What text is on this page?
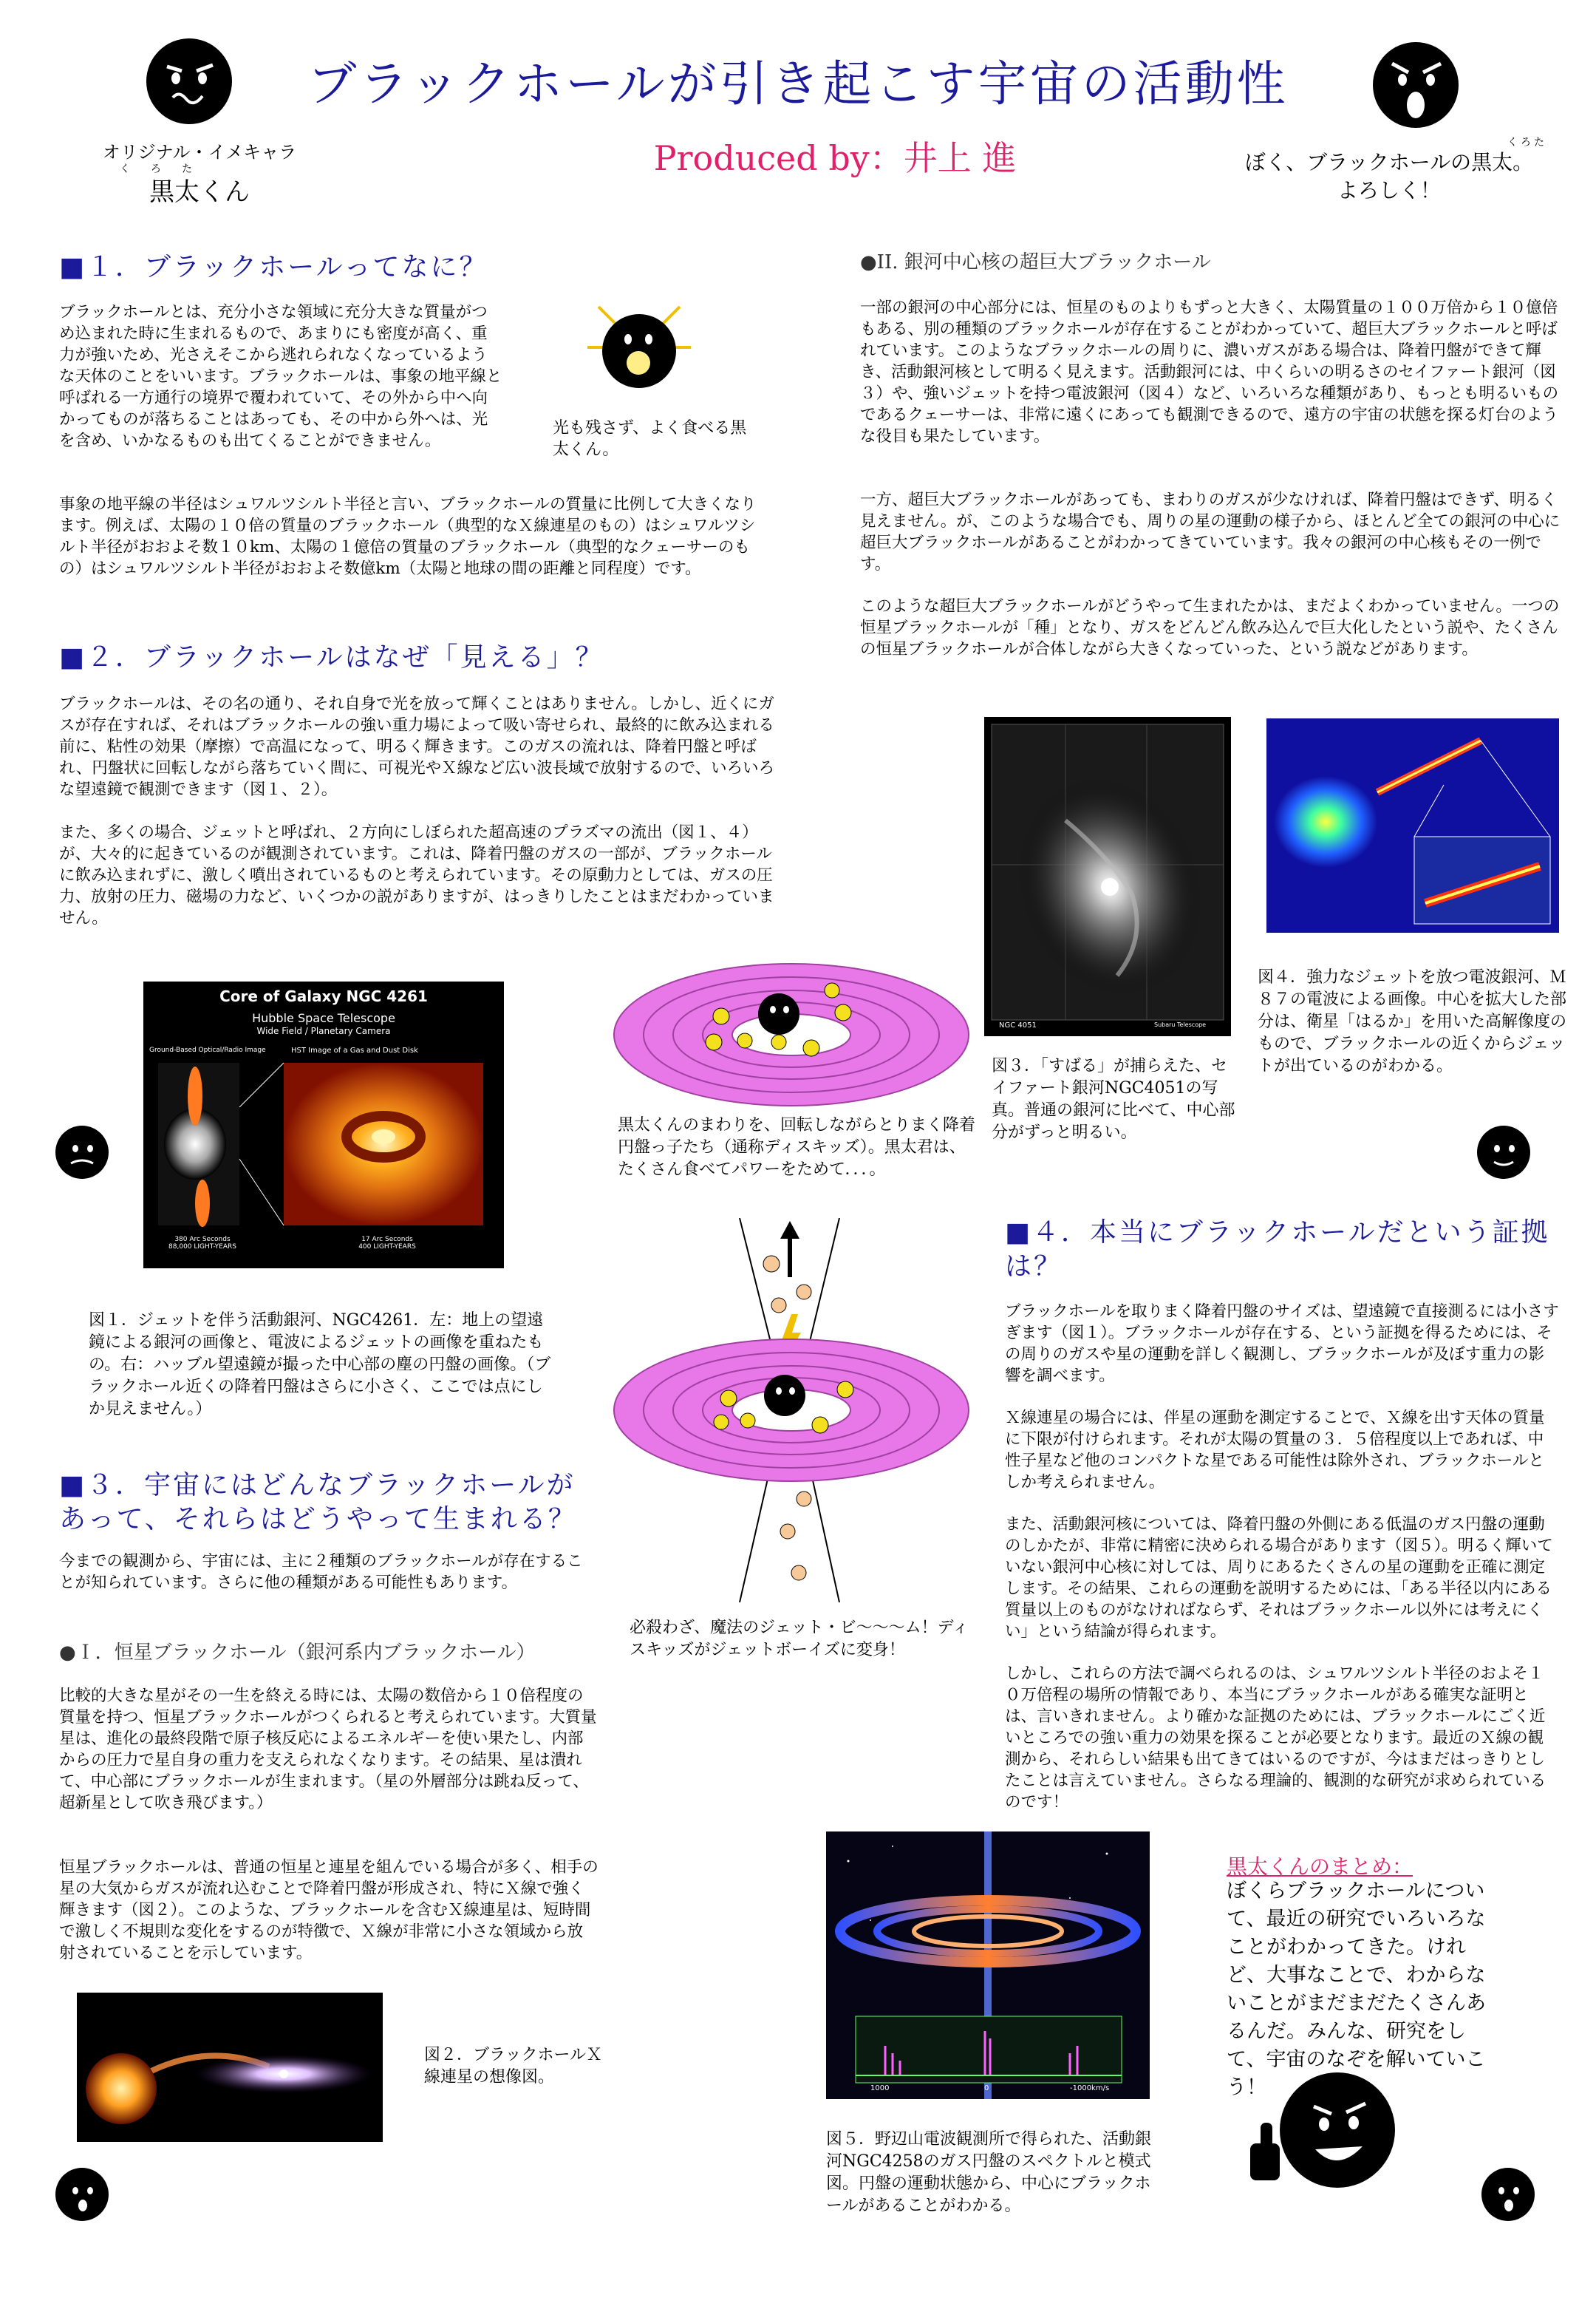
ブラックホールが引き起こす宇宙の活動性
オリジナル・イメキャラ
くろた
黒太くん
Produced by：井上 進	くろた
ぼく、ブラックホールの黒太。
よろしく！
■１．ブラックホールってなに？
ブラックホールとは、充分小さな領域に充分大きな質量がつめ込まれた時に生まれるもので、あまりにも密度が高く、重力が強いため、光さえそこから逃れられなくなっているような天体のことをいいます。ブラックホールは、事象の地平線と呼ばれる一方通行の境界で覆われていて、その外から中へ向かってものが落ちることはあっても、その中から外へは、光を含め、いかなるものも出てくることができません。
光も残さず、よく食べる黒太くん。
事象の地平線の半径はシュワルツシルト半径と言い、ブラックホールの質量に比例して大きくなります。例えば、太陽の１０倍の質量のブラックホール（典型的なＸ線連星のもの）はシュワルツシルト半径がおおよそ数１０km、太陽の１億倍の質量のブラックホール（典型的なクェーサーのもの）はシュワルツシルト半径がおおよそ数億km（太陽と地球の間の距離と同程度）です。
■２．ブラックホールはなぜ「見える」？
ブラックホールは、その名の通り、それ自身で光を放って輝くことはありません。しかし、近くにガスが存在すれば、それはブラックホールの強い重力場によって吸い寄せられ、最終的に飲み込まれる前に、粘性の効果（摩擦）で高温になって、明るく輝きます。このガスの流れは、降着円盤と呼ばれ、円盤状に回転しながら落ちていく間に、可視光やＸ線など広い波長域で放射するので、いろいろな望遠鏡で観測できます（図１、２）。
また、多くの場合、ジェットと呼ばれ、２方向にしぼられた超高速のプラズマの流出（図１、４）が、大々的に起きているのが観測されています。これは、降着円盤のガスの一部が、ブラックホールに飲み込まれずに、激しく噴出されているものと考えられています。その原動力としては、ガスの圧力、放射の圧力、磁場の力など、いくつかの説がありますが、はっきりしたことはまだわかっていません。
Core of Galaxy NGC 4261
Hubble Space Telescope
Wide Field / Planetary Camera
Ground-Based Optical/Radio Image	HST Image of a Gas and Dust Disk
380 Arc Seconds
88,000 LIGHT-YEARS
17 Arc Seconds
400 LIGHT-YEARS
図１．ジェットを伴う活動銀河、NGC4261．左：地上の望遠鏡による銀河の画像と、電波によるジェットの画像を重ねたもの。右：ハッブル望遠鏡が撮った中心部の塵の円盤の画像。（ブラックホール近くの降着円盤はさらに小さく、ここでは点にしか見えません。）
黒太くんのまわりを、回転しながらとりまく降着円盤っ子たち（通称ディスキッズ）。黒太君は、たくさん食べてパワーをためて．．．。
必殺わざ、魔法のジェット・ビ～～～ム！ディスキッズがジェットボーイズに変身！
■３．宇宙にはどんなブラックホールが
あって、それらはどうやって生まれる？
今までの観測から、宇宙には、主に２種類のブラックホールが存在することが知られています。さらに他の種類がある可能性もあります。
●Ｉ．恒星ブラックホール（銀河系内ブラックホール）
比較的大きな星がその一生を終える時には、太陽の数倍から１０倍程度の質量を持つ、恒星ブラックホールがつくられると考えられています。大質量星は、進化の最終段階で原子核反応によるエネルギーを使い果たし、内部からの圧力で星自身の重力を支えられなくなります。その結果、星は潰れて、中心部にブラックホールが生まれます。（星の外層部分は跳ね反って、超新星として吹き飛びます。）
恒星ブラックホールは、普通の恒星と連星を組んでいる場合が多く、相手の星の大気からガスが流れ込むことで降着円盤が形成され、特にＸ線で強く輝きます（図２）。このような、ブラックホールを含むＸ線連星は、短時間で激しく不規則な変化をするのが特徴で、Ｘ線が非常に小さな領域から放射されていることを示しています。
図２．ブラックホールＸ線連星の想像図。
●II. 銀河中心核の超巨大ブラックホール
一部の銀河の中心部分には、恒星のものよりもずっと大きく、太陽質量の１００万倍から１０億倍もある、別の種類のブラックホールが存在することがわかっていて、超巨大ブラックホールと呼ばれています。このようなブラックホールの周りに、濃いガスがある場合は、降着円盤ができて輝き、活動銀河核として明るく見えます。活動銀河には、中くらいの明るさのセイファート銀河（図３）や、強いジェットを持つ電波銀河（図４）など、いろいろな種類があり、もっとも明るいものであるクェーサーは、非常に遠くにあっても観測できるので、遠方の宇宙の状態を探る灯台のような役目も果たしています。
一方、超巨大ブラックホールがあっても、まわりのガスが少なければ、降着円盤はできず、明るく見えません。が、このような場合でも、周りの星の運動の様子から、ほとんど全ての銀河の中心に超巨大ブラックホールがあることがわかってきていています。我々の銀河の中心核もその一例です。
このような超巨大ブラックホールがどうやって生まれたかは、まだよくわかっていません。一つの恒星ブラックホールが「種」となり、ガスをどんどん飲み込んで巨大化したという説や、たくさんの恒星ブラックホールが合体しながら大きくなっていった、という説などがあります。
NGC 4051	Subaru Telescope
図３．「すばる」が捕らえた、セイファート銀河NGC4051の写真。普通の銀河に比べて、中心部分がずっと明るい。
図４．強力なジェットを放つ電波銀河、Ｍ８７の電波による画像。中心を拡大した部分は、衛星「はるか」を用いた高解像度のもので、ブラックホールの近くからジェットが出ているのがわかる。
■４．本当にブラックホールだという証拠
は？
ブラックホールを取りまく降着円盤のサイズは、望遠鏡で直接測るには小さすぎます（図１）。ブラックホールが存在する、という証拠を得るためには、その周りのガスや星の運動を詳しく観測し、ブラックホールが及ぼす重力の影響を調べます。
Ｘ線連星の場合には、伴星の運動を測定することで、Ｘ線を出す天体の質量に下限が付けられます。それが太陽の質量の３．５倍程度以上であれば、中性子星など他のコンパクトな星である可能性は除外され、ブラックホールとしか考えられません。
また、活動銀河核については、降着円盤の外側にある低温のガス円盤の運動のしかたが、非常に精密に決められる場合があります（図５）。明るく輝いていない銀河中心核に対しては、周りにあるたくさんの星の運動を正確に測定します。その結果、これらの運動を説明するためには、「ある半径以内にある質量以上のものがなければならず、それはブラックホール以外には考えにくい」という結論が得られます。
しかし、これらの方法で調べられるのは、シュワルツシルト半径のおよそ１０万倍程の場所の情報であり、本当にブラックホールがある確実な証明とは、言いきれません。より確かな証拠のためには、ブラックホールにごく近いところでの強い重力の効果を探ることが必要となります。最近のＸ線の観測から、それらしい結果も出てきてはいるのですが、今はまだはっきりとしたことは言えていません。さらなる理論的、観測的な研究が求められているのです！
1000	0	-1000km/s
図５．野辺山電波観測所で得られた、活動銀河NGC4258のガス円盤のスペクトルと模式図。円盤の運動状態から、中心にブラックホールがあることがわかる。
黒太くんのまとめ：
ぼくらブラックホールについて、最近の研究でいろいろなことがわかってきた。けれど、大事なことで、わからないことがまだまだたくさんあるんだ。みんな、研究をして、宇宙のなぞを解いていこう！
